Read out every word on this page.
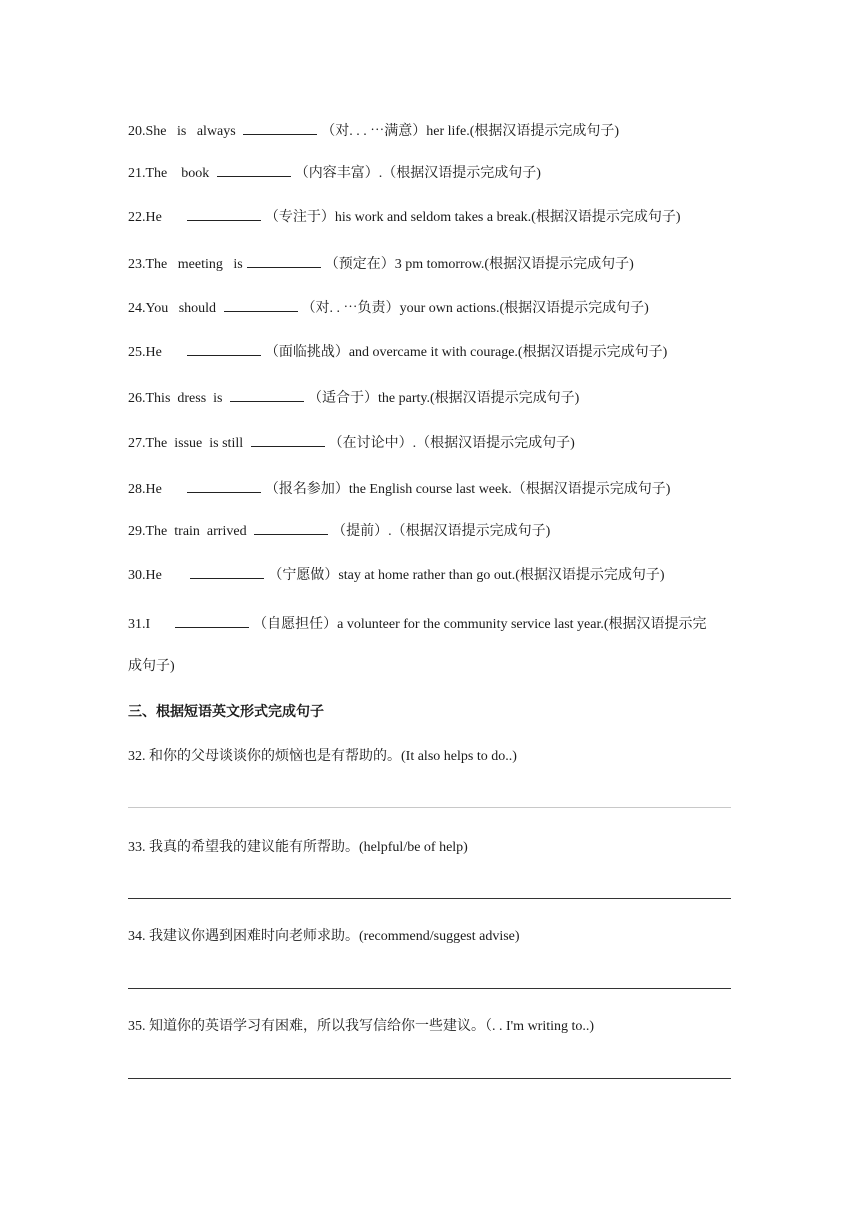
20.She is always	（对. . . ⋯满意）her life.(根据汉语提示完成句子)
21.The book	（内容丰富）.（根据汉语提示完成句子)
22.He	（专注于）his work and seldom takes a break.(根据汉语提示完成句子)
23.The meeting is	（预定在）3 pm tomorrow.(根据汉语提示完成句子)
24.You should	（对. . ⋯负责）your own actions.(根据汉语提示完成句子)
25.He	（面临挑战）and overcame it with courage.(根据汉语提示完成句子)
26.This dress is	（适合于）the party.(根据汉语提示完成句子)
27.The issue is still	（在讨论中）.（根据汉语提示完成句子)
28.He	（报名参加）the English course last week.（根据汉语提示完成句子)
29.The train arrived	（提前）.（根据汉语提示完成句子)
30.He	（宁愿做）stay at home rather than go out.(根据汉语提示完成句子)
31.I	（自愿担任）a volunteer for the community service last year.(根据汉语提示完
成句子)
三、根据短语英文形式完成句子
32. 和你的父母谈谈你的烦恼也是有帮助的。(It also helps to do..)
33. 我真的希望我的建议能有所帮助。(helpful/be of help)
34. 我建议你遇到困难时向老师求助。(recommend/suggest advise)
35. 知道你的英语学习有困难，所以我写信给你一些建议。（. . I'm writing to..)
